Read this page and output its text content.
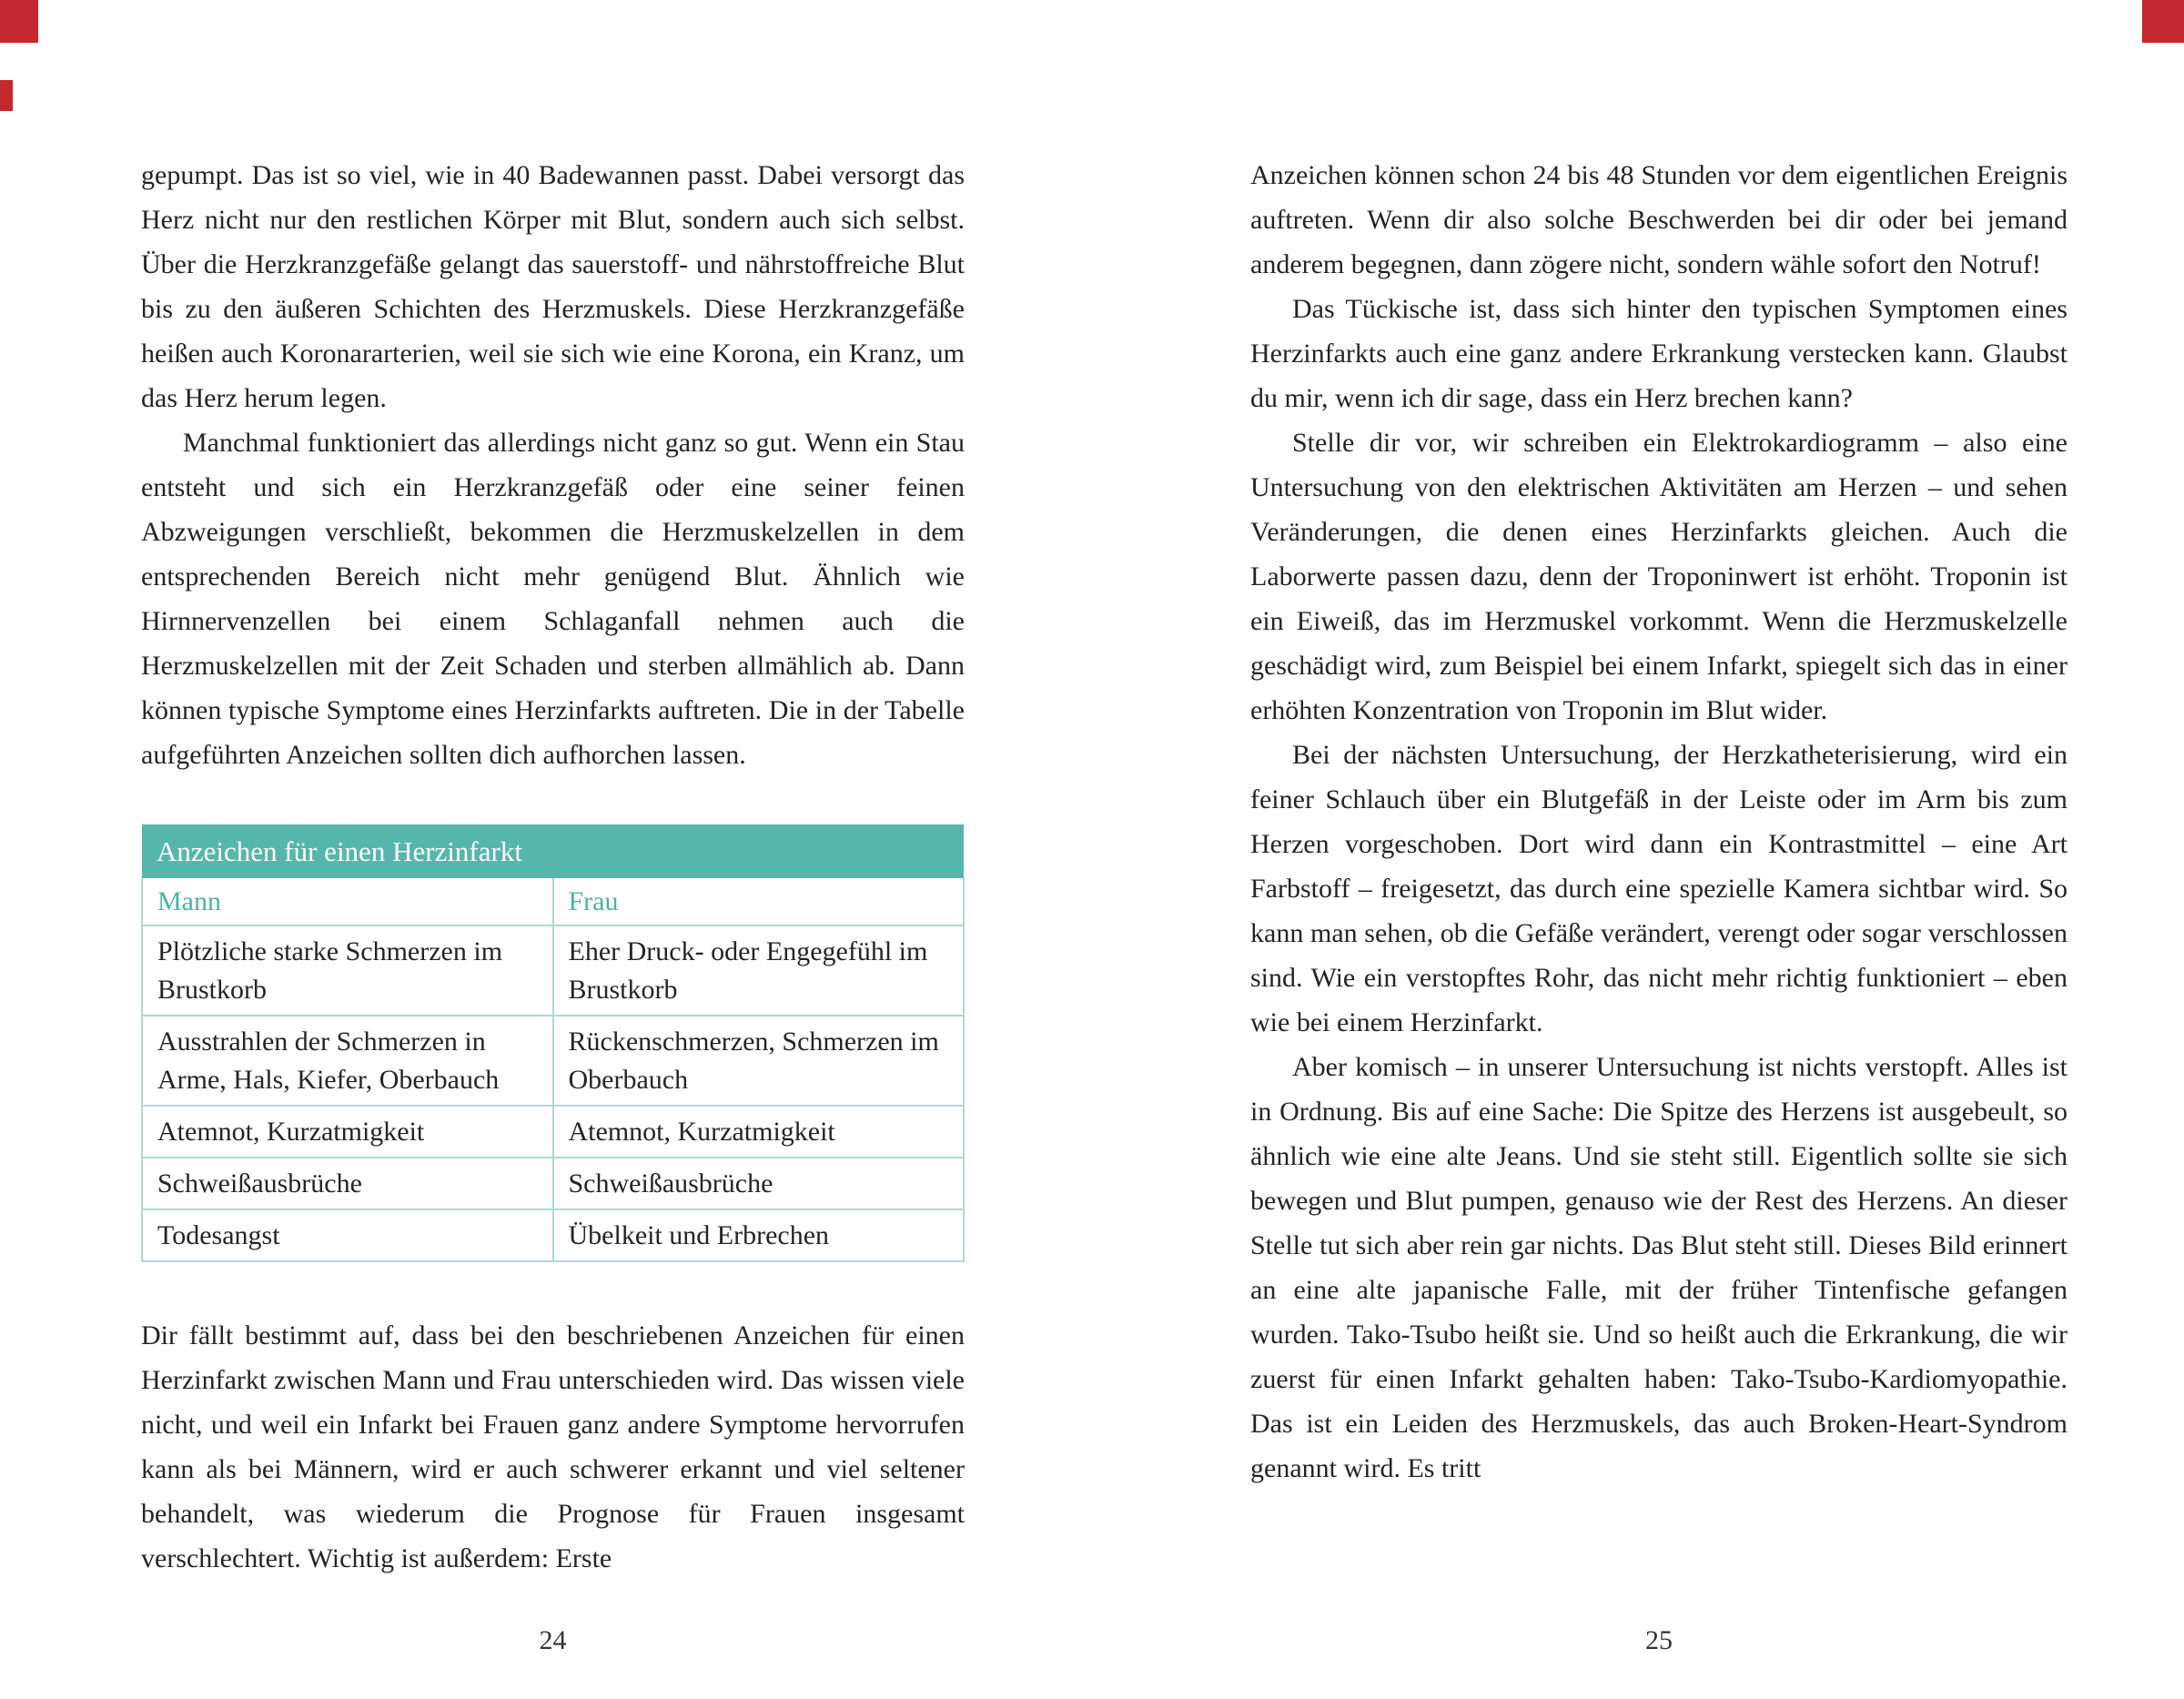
gepumpt. Das ist so viel, wie in 40 Badewannen passt. Dabei versorgt das Herz nicht nur den restlichen Körper mit Blut, sondern auch sich selbst. Über die Herzkranzgefäße gelangt das sauerstoff- und nährstoffreiche Blut bis zu den äußeren Schichten des Herzmuskels. Diese Herzkranzgefäße heißen auch Koronararterien, weil sie sich wie eine Korona, ein Kranz, um das Herz herum legen.

Manchmal funktioniert das allerdings nicht ganz so gut. Wenn ein Stau entsteht und sich ein Herzkranzgefäß oder eine seiner feinen Abzweigungen verschließt, bekommen die Herzmuskelzellen in dem entsprechenden Bereich nicht mehr genügend Blut. Ähnlich wie Hirnnervenzellen bei einem Schlaganfall nehmen auch die Herzmuskelzellen mit der Zeit Schaden und sterben allmählich ab. Dann können typische Symptome eines Herzinfarkts auftreten. Die in der Tabelle aufgeführten Anzeichen sollten dich aufhorchen lassen.

Anzeichen für einen Herzinfarkt	
Mann	Frau
Plötzliche starke Schmerzen im Brustkorb	Eher Druck- oder Engegefühl im Brustkorb
Ausstrahlen der Schmerzen in Arme, Hals, Kiefer, Oberbauch	Rückenschmerzen, Schmerzen im Oberbauch
Atemnot, Kurzatmigkeit	Atemnot, Kurzatmigkeit
Schweißausbrüche	Schweißausbrüche
Todesangst	Übelkeit und Erbrechen

Dir fällt bestimmt auf, dass bei den beschriebenen Anzeichen für einen Herzinfarkt zwischen Mann und Frau unterschieden wird. Das wissen viele nicht, und weil ein Infarkt bei Frauen ganz andere Symptome hervorrufen kann als bei Männern, wird er auch schwerer erkannt und viel seltener behandelt, was wiederum die Prognose für Frauen insgesamt verschlechtert. Wichtig ist außerdem: Erste

Anzeichen können schon 24 bis 48 Stunden vor dem eigentlichen Ereignis auftreten. Wenn dir also solche Beschwerden bei dir oder bei jemand anderem begegnen, dann zögere nicht, sondern wähle sofort den Notruf!

Das Tückische ist, dass sich hinter den typischen Symptomen eines Herzinfarkts auch eine ganz andere Erkrankung verstecken kann. Glaubst du mir, wenn ich dir sage, dass ein Herz brechen kann?

Stelle dir vor, wir schreiben ein Elektrokardiogramm – also eine Untersuchung von den elektrischen Aktivitäten am Herzen – und sehen Veränderungen, die denen eines Herzinfarkts gleichen. Auch die Laborwerte passen dazu, denn der Troponinwert ist erhöht. Troponin ist ein Eiweiß, das im Herzmuskel vorkommt. Wenn die Herzmuskelzelle geschädigt wird, zum Beispiel bei einem Infarkt, spiegelt sich das in einer erhöhten Konzentration von Troponin im Blut wider.

Bei der nächsten Untersuchung, der Herzkatheterisierung, wird ein feiner Schlauch über ein Blutgefäß in der Leiste oder im Arm bis zum Herzen vorgeschoben. Dort wird dann ein Kontrastmittel – eine Art Farbstoff – freigesetzt, das durch eine spezielle Kamera sichtbar wird. So kann man sehen, ob die Gefäße verändert, verengt oder sogar verschlossen sind. Wie ein verstopftes Rohr, das nicht mehr richtig funktioniert – eben wie bei einem Herzinfarkt.

Aber komisch – in unserer Untersuchung ist nichts verstopft. Alles ist in Ordnung. Bis auf eine Sache: Die Spitze des Herzens ist ausgebeult, so ähnlich wie eine alte Jeans. Und sie steht still. Eigentlich sollte sie sich bewegen und Blut pumpen, genauso wie der Rest des Herzens. An dieser Stelle tut sich aber rein gar nichts. Das Blut steht still. Dieses Bild erinnert an eine alte japanische Falle, mit der früher Tintenfische gefangen wurden. Tako-Tsubo heißt sie. Und so heißt auch die Erkrankung, die wir zuerst für einen Infarkt gehalten haben: Tako-Tsubo-Kardiomyopathie. Das ist ein Leiden des Herzmuskels, das auch Broken-Heart-Syndrom genannt wird. Es tritt

24	25
